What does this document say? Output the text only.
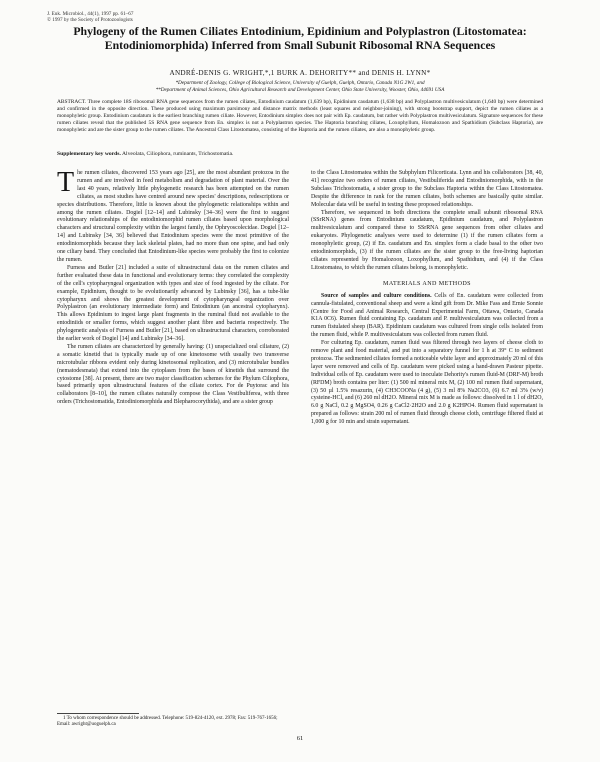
J. Euk. Microbiol., 44(1), 1997 pp. 61–67
© 1997 by the Society of Protozoologists
Phylogeny of the Rumen Ciliates Entodinium, Epidinium and Polyplastron (Litostomatea: Entodiniomorphida) Inferred from Small Subunit Ribosomal RNA Sequences
ANDRÉ-DENIS G. WRIGHT,*,1 BURK A. DEHORITY** and DENIS H. LYNN*
*Department of Zoology, College of Biological Science, University of Guelph, Guelph, Ontario, Canada N1G 2W1, and
**Department of Animal Sciences, Ohio Agricultural Research and Development Center, Ohio State University, Wooster, Ohio, 44691 USA

ABSTRACT. Three complete 18S ribosomal RNA gene sequences from the rumen ciliates, Entodinium caudatum (1,639 bp), Epidinium caudatum (1,638 bp) and Polyplastron multivesiculatum (1,640 bp) were determined and confirmed in the opposite direction. These produced using maximum parsimony and distance matrix methods (least squares and neighbor-joining), with strong bootstrap support, depict the rumen ciliates as a monophyletic group. Entodinium caudatum is the earliest branching rumen ciliate. However, Entodinium simplex does not pair with Ep. caudatum, but rather with Polyplastron multivesiculatum. Signature sequences for these rumen ciliates reveal that the published 5S RNA gene sequence from En. simplex is not a Polyplastron species. The Haptoria branching ciliates, Loxophyllum, Homalozoon and Spathidium (Subclass Haptoria), are monophyletic and are the sister group to the rumen ciliates. The Ancestral Class Litostomatea, consisting of the Haptoria and the rumen ciliates, are also a monophyletic group.

Supplementary key words. Alveolata, Ciliophora, ruminants, Trichostomatia.

The rumen ciliates, discovered 153 years ago [25], are the most abundant protozoa in the rumen and are involved in feed metabolism and degradation of plant material. Over the last 40 years, relatively little phylogenetic research has been attempted on the rumen ciliates, as most studies have centred around new species' descriptions, redescriptions or species distributions. Therefore, little is known about the phylogenetic relationships within and among the rumen ciliates. Dogiel [12–14] and Lubinsky [34–36] were the first to suggest evolutionary relationships of the entodiniomorphid rumen ciliates based upon morphological characters and structural complexity within the largest family, the Ophryoscolecidae. Dogiel [12–14] and Lubinsky [34, 36] believed that Entodinium species were the most primitive of the entodiniomorphids because they lack skeletal plates, had no more than one spine, and had only one ciliary band. They concluded that Entodinium-like species were probably the first to colonize the rumen.

Furness and Butler [21] included a suite of ultrastructural data on the rumen ciliates and further evaluated these data in functional and evolutionary terms: they correlated the complexity of the cell's cytopharyngeal organization with types and size of food ingested by the ciliate. For example, Epidinium, thought to be evolutionarily advanced by Lubinsky [36], has a tube-like cytopharynx and shows the greatest development of cytopharyngeal organization over Polyplastron (an evolutionary intermediate form) and Entodinium (an ancestral cytopharynx). This allows Epidinium to ingest large plant fragments in the ruminal fluid not available to the entodiniids or smaller forms, which suggest another plant fibre and bacteria respectively. The phylogenetic analysis of Furness and Butler [21], based on ultrastructural characters, corroborated the earlier work of Dogiel [14] and Lubinsky [34–36].

The rumen ciliates are characterized by generally having: (1) unspecialized oral ciliature, (2) a somatic kinetid that is typically made up of one kinetosome with usually two transverse microtubular ribbons evident only during kinetosomal replication, and (3) microtubular bundles (nematodesmata) that extend into the cytoplasm from the bases of kinetids that surround the cytostome [38]. At present, there are two major classification schemes for the Phylum Ciliophora, based primarily upon ultrastructural features of the ciliate cortex. For de Puytorac and his collaborators [8–10], the rumen ciliates naturally compose the Class Vestibuliferea, with three orders (Trichostomatida, Entodiniomorphida and Blepharocorythida), and are a sister group

to the Class Litostomatea within the Subphylum Filicorticata. Lynn and his collaborators [38, 40, 41] recognize two orders of rumen ciliates, Vestibuliferida and Entodiniomorphida, with in the Subclass Trichostomatia, a sister group to the Subclass Haptoria within the Class Litostomatea. Despite the difference in rank for the rumen ciliates, both schemes are basically quite similar. Molecular data will be useful in testing these proposed relationships.

Therefore, we sequenced in both directions the complete small subunit ribosomal RNA (SSrRNA) genes from Entodinium caudatum, Epidinium caudatum, and Polyplastron multivesiculatum and compared these to SSrRNA gene sequences from other ciliates and eukaryotes. Phylogenetic analyses were used to determine (1) if the rumen ciliates form a monophyletic group, (2) if En. caudatum and En. simplex form a clade basal to the other two entodiniomorphids, (3) if the rumen ciliates are the sister group to the free-living haptorian ciliates represented by Homalozoon, Loxophyllum, and Spathidium, and (4) if the Class Litostomatea, to which the rumen ciliates belong, is monophyletic.

MATERIALS AND METHODS

Source of samples and culture conditions. Cells of En. caudatum were collected from cannula-fistulated, conventional sheep and were a kind gift from Dr. Mike Fass and Ernie Sonnie (Centre for Food and Animal Research, Central Experimental Farm, Ottawa, Ontario, Canada K1A 0C6). Rumen fluid containing Ep. caudatum and P. multivesiculatum was collected from a rumen fistulated sheep (BAR). Epidinium caudatum was cultured from single cells isolated from the rumen fluid, while P. multivesiculatum was collected from rumen fluid.

For culturing Ep. caudatum, rumen fluid was filtered through two layers of cheese cloth to remove plant and food material, and put into a separatory funnel for 1 h at 39° C to sediment protozoa. The sedimented ciliates formed a noticeable white layer and approximately 20 ml of this layer were removed and cells of Ep. caudatum were picked using a hand-drawn Pasteur pipette. Individual cells of Ep. caudatum were used to inoculate Dehority's rumen fluid-M (DRF-M) broth (RFDM) broth contains per liter: (1) 500 ml mineral mix M, (2) 100 ml rumen fluid supernatant, (3) 50 µl 1.5% resazurin, (4) CH3COONa (4 g), (5) 3 ml 8% Na2CO3, (6) 6.7 ml 3% (w/v) cysteine-HCl, and (6) 260 ml dH2O. Mineral mix M is made as follows: dissolved in 1 l of dH2O, 6.0 g NaCl, 0.2 g MgSO4, 0.26 g CaCl2·2H2O and 2.0 g K2HPO4. Rumen fluid supernatant is prepared as follows: strain 200 ml of rumen fluid through cheese cloth, centrifuge filtered fluid at 1,000 g for 10 min and strain supernatant.

1 To whom correspondence should be addressed. Telephone: 519-824-4120, ext. 2978; Fax: 519-767-1656; Email: awright@uoguelph.ca

61
